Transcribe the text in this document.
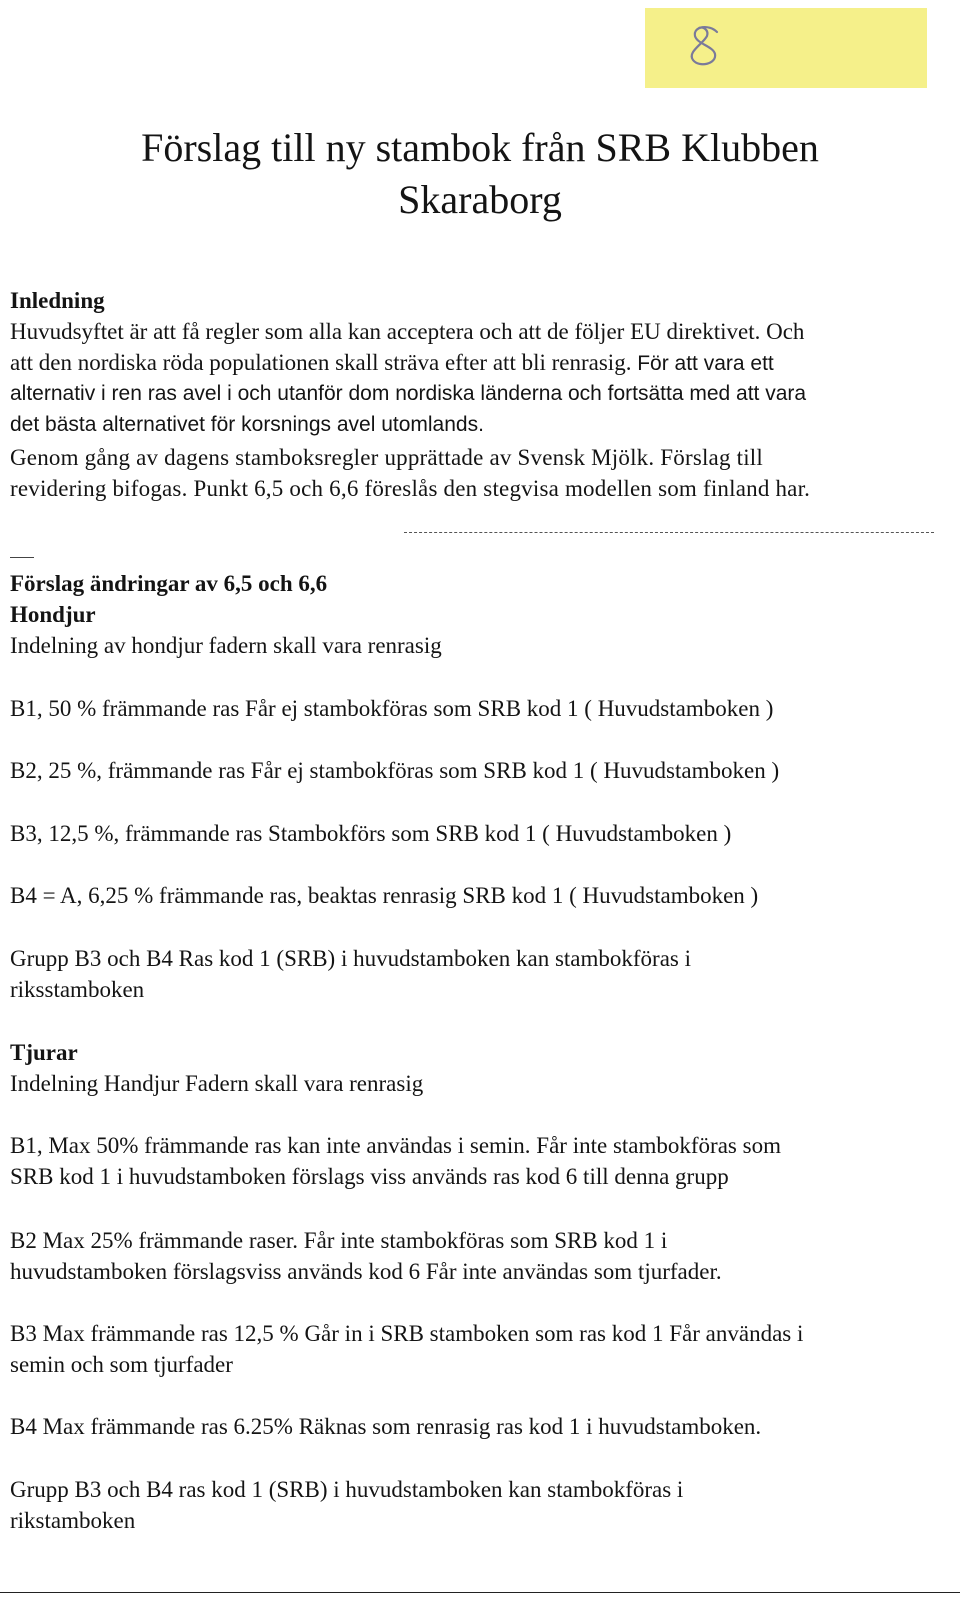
Förslag till ny stambok från SRB Klubben
Skaraborg
Inledning
Huvudsyftet är att få regler som alla kan acceptera och att de följer EU direktivet. Och
att den nordiska röda populationen skall sträva efter att bli renrasig. För att vara ett
alternativ i ren ras avel i och utanför dom nordiska länderna och fortsätta med att vara
det bästa alternativet för korsnings avel utomlands.
Genom gång av dagens stamboksregler upprättade av Svensk Mjölk. Förslag till
revidering bifogas. Punkt 6,5 och 6,6 föreslås den stegvisa modellen som finland har.
Förslag ändringar av 6,5 och 6,6
Hondjur
Indelning av hondjur fadern skall vara renrasig
B1, 50 % främmande ras Får ej stambokföras som SRB kod 1 ( Huvudstamboken )
B2, 25 %, främmande ras Får ej stambokföras som SRB kod 1 ( Huvudstamboken )
B3, 12,5 %, främmande ras Stambokförs som SRB kod 1 ( Huvudstamboken )
B4 = A, 6,25 % främmande ras, beaktas renrasig SRB kod 1 ( Huvudstamboken )
Grupp B3 och B4 Ras kod 1 (SRB) i huvudstamboken kan stambokföras i
riksstamboken
Tjurar
Indelning Handjur Fadern skall vara renrasig
B1, Max 50% främmande ras kan inte användas i semin. Får inte stambokföras som
SRB kod 1 i huvudstamboken förslags viss används ras kod 6 till denna grupp
B2 Max 25% främmande raser. Får inte stambokföras som SRB kod 1 i
huvudstamboken förslagsviss används kod 6 Får inte användas som tjurfader.
B3 Max främmande ras 12,5 % Går in i SRB stamboken som ras kod 1 Får användas i
semin och som tjurfader
B4 Max främmande ras 6.25% Räknas som renrasig ras kod 1 i huvudstamboken.
Grupp B3 och B4 ras kod 1 (SRB) i huvudstamboken kan stambokföras i
rikstamboken
